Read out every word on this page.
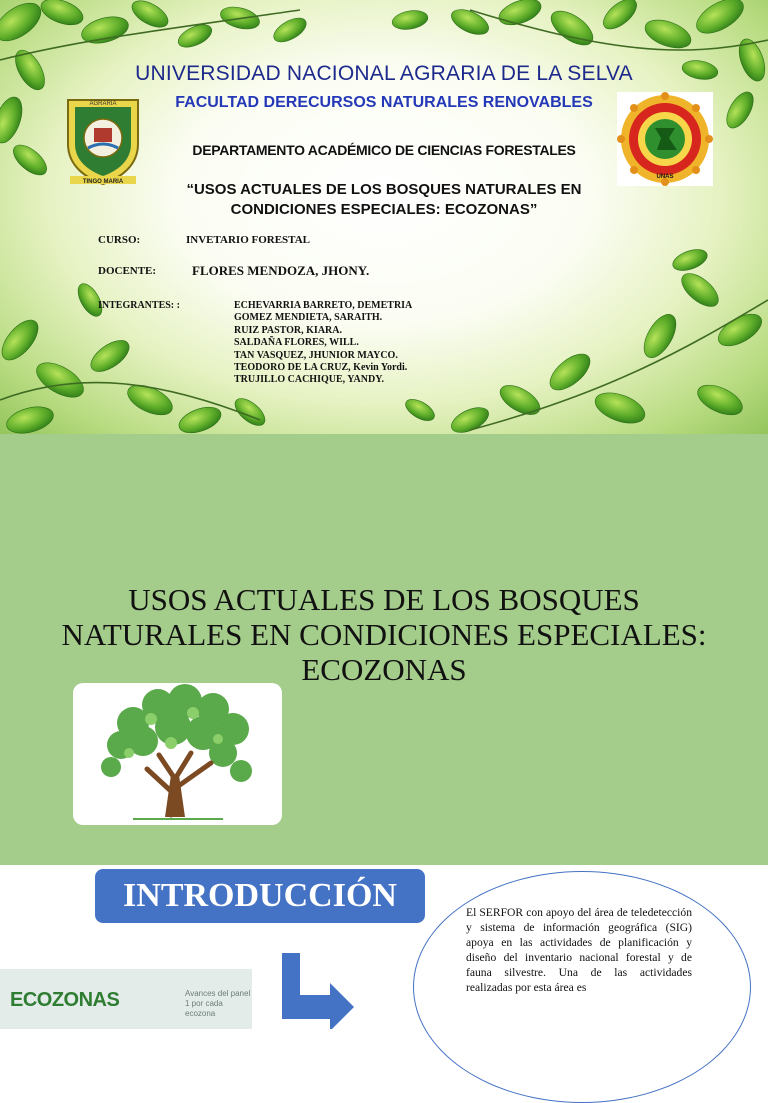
UNIVERSIDAD NACIONAL AGRARIA DE LA SELVA
FACULTAD DERECURSOS NATURALES RENOVABLES
AGRARIA
TINGO MARIA
UNAS
DEPARTAMENTO ACADÉMICO DE CIENCIAS FORESTALES
“USOS ACTUALES DE LOS BOSQUES NATURALES EN CONDICIONES ESPECIALES: ECOZONAS”
CURSO:	INVETARIO FORESTAL
DOCENTE:	FLORES MENDOZA, JHONY.
INTEGRANTES: :	ECHEVARRIA BARRETO, DEMETRIA
GOMEZ MENDIETA, SARAITH.
RUIZ PASTOR, KIARA.
SALDAÑA FLORES, WILL.
TAN VASQUEZ, JHUNIOR MAYCO.
TEODORO DE LA CRUZ, Kevin Yordi.
TRUJILLO CACHIQUE, YANDY.
USOS ACTUALES DE LOS BOSQUES NATURALES EN CONDICIONES ESPECIALES: ECOZONAS
INTRODUCCIÓN	El SERFOR con apoyo del área de teledetección y sistema de información geográfica (SIG) apoya en las actividades de planificación y diseño del inventario nacional forestal y de fauna silvestre. Una de las actividades realizadas por esta área es
ECOZONAS	Avances del panel 1 por cada ecozona
